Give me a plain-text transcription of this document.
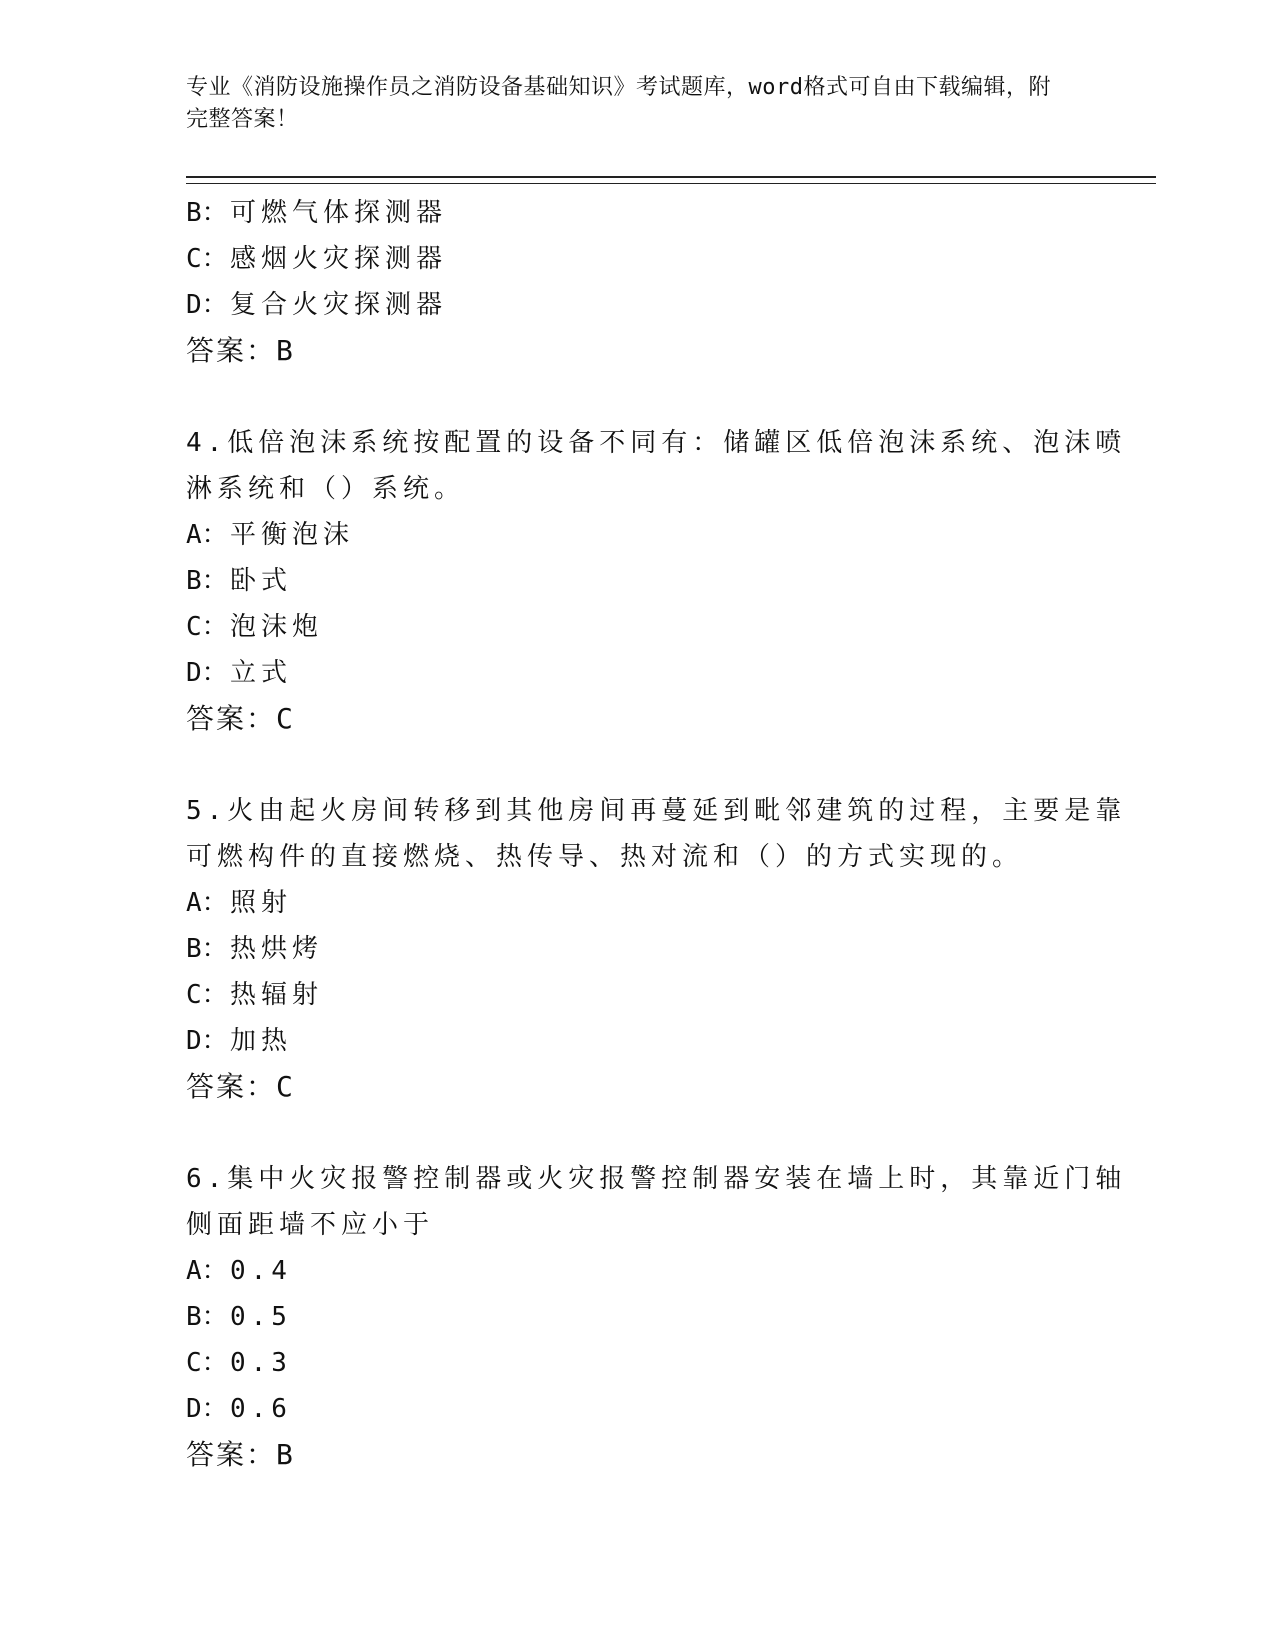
专业《消防设施操作员之消防设备基础知识》考试题库，word格式可自由下载编辑，附完整答案！
B：可燃气体探测器
C：感烟火灾探测器
D：复合火灾探测器
答案：B
4.低倍泡沫系统按配置的设备不同有：储罐区低倍泡沫系统、泡沫喷
淋系统和（）系统。
A：平衡泡沫
B：卧式
C：泡沫炮
D：立式
答案：C
5.火由起火房间转移到其他房间再蔓延到毗邻建筑的过程，主要是靠
可燃构件的直接燃烧、热传导、热对流和（）的方式实现的。
A：照射
B：热烘烤
C：热辐射
D：加热
答案：C
6.集中火灾报警控制器或火灾报警控制器安装在墙上时，其靠近门轴
侧面距墙不应小于
A：0.4
B：0.5
C：0.3
D：0.6
答案：B
